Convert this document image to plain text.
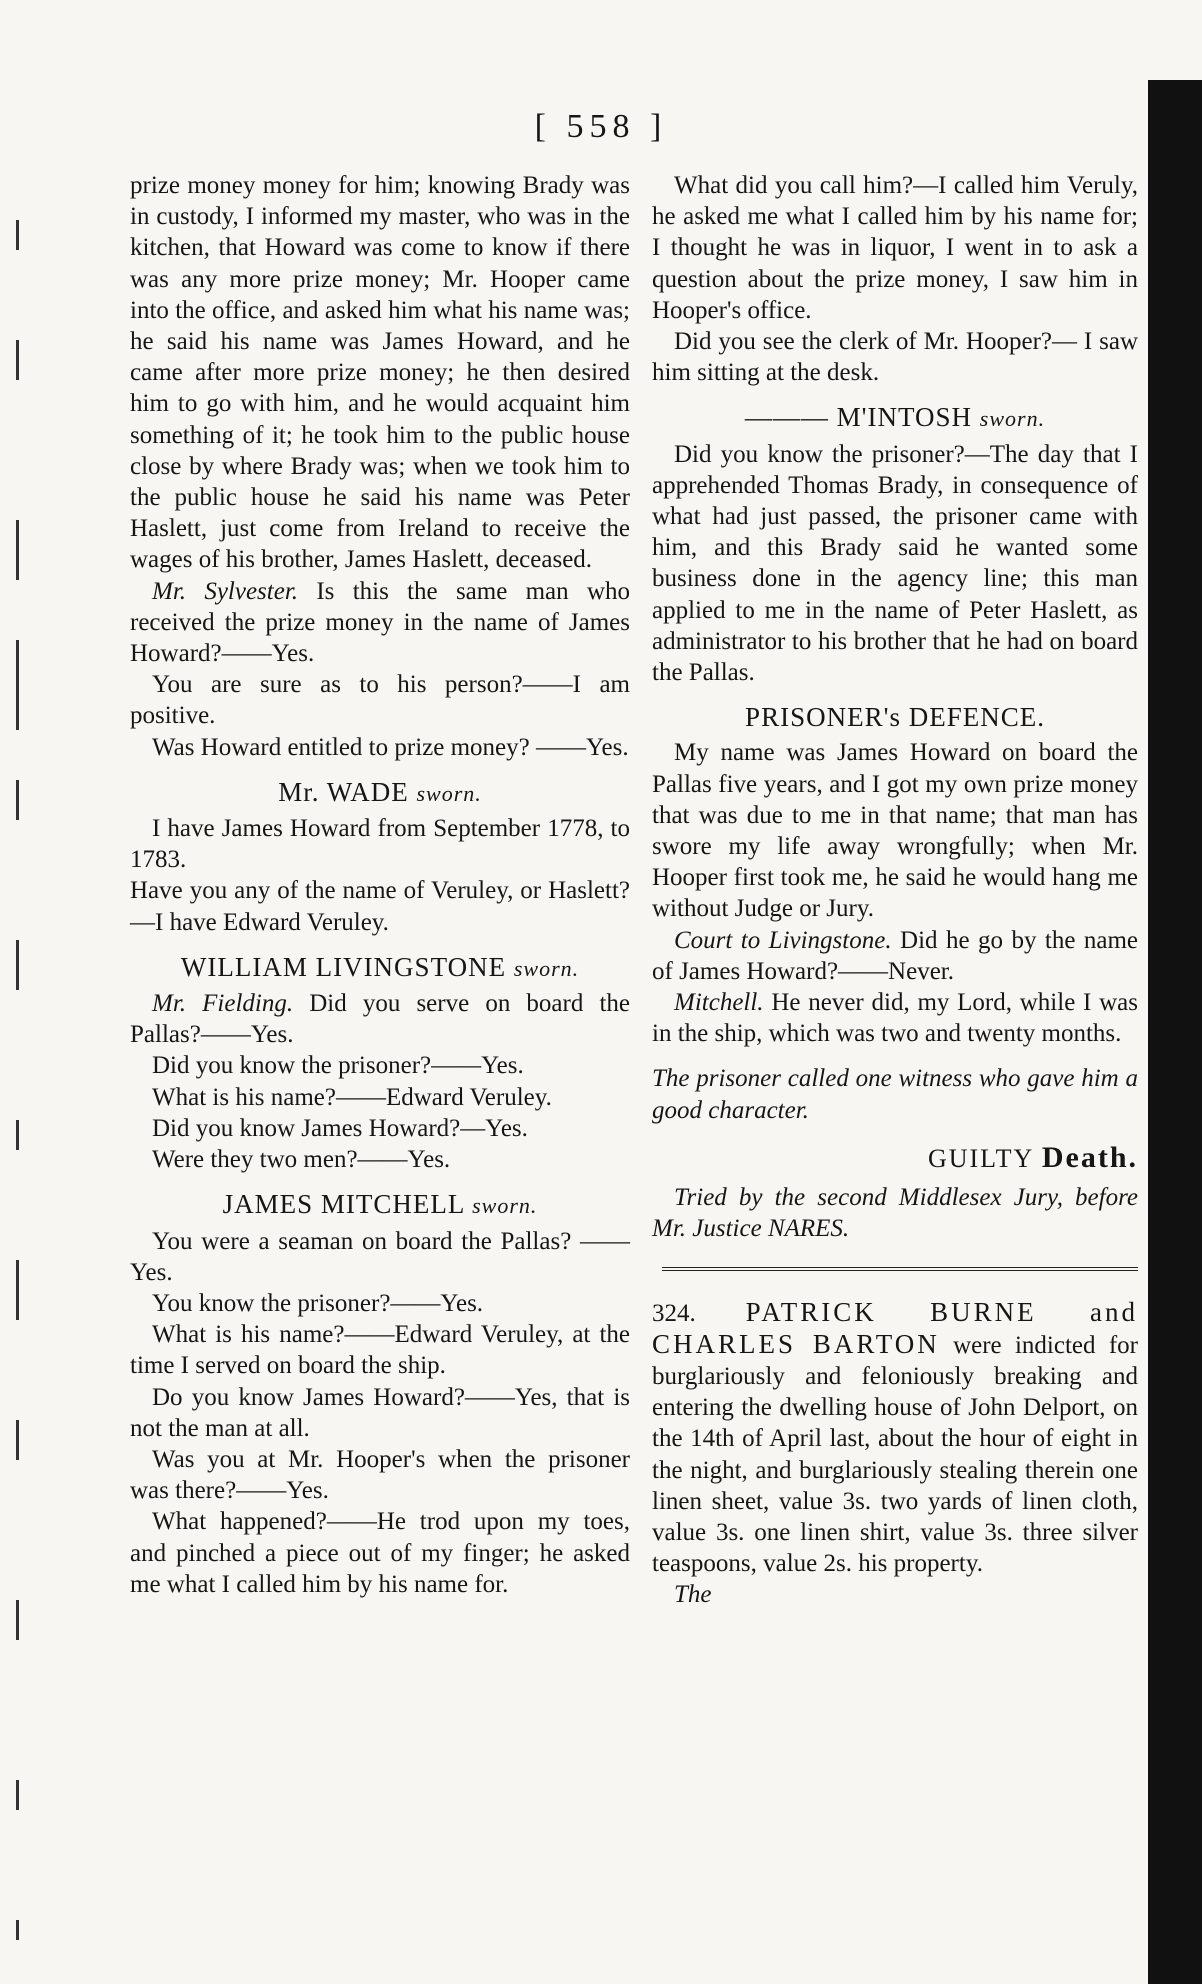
[ 558 ]

prize money money for him; knowing Brady was in custody, I informed my master, who was in the kitchen, that Howard was come to know if there was any more prize money; Mr. Hooper came into the office, and asked him what his name was; he said his name was James Howard, and he came after more prize money; he then desired him to go with him, and he would acquaint him something of it; he took him to the public house close by where Brady was; when we took him to the public house he said his name was Peter Haslett, just come from Ireland to receive the wages of his brother, James Haslett, deceased.

Mr. Sylvester. Is this the same man who received the prize money in the name of James Howard?——Yes.

You are sure as to his person?——I am positive.

Was Howard entitled to prize money? ——Yes.

Mr. WADE sworn.

I have James Howard from September 1778, to 1783.

Have you any of the name of Veruley, or Haslett?—I have Edward Veruley.

WILLIAM LIVINGSTONE sworn.

Mr. Fielding. Did you serve on board the Pallas?——Yes.

Did you know the prisoner?——Yes.

What is his name?——Edward Veruley.

Did you know James Howard?—Yes.

Were they two men?——Yes.

JAMES MITCHELL sworn.

You were a seaman on board the Pallas? ——Yes.

You know the prisoner?——Yes.

What is his name?——Edward Veruley, at the time I served on board the ship.

Do you know James Howard?——Yes, that is not the man at all.

Was you at Mr. Hooper's when the prisoner was there?——Yes.

What happened?——He trod upon my toes, and pinched a piece out of my finger; he asked me what I called him by his name for.

What did you call him?—I called him Veruly, he asked me what I called him by his name for; I thought he was in liquor, I went in to ask a question about the prize money, I saw him in Hooper's office.

Did you see the clerk of Mr. Hooper?— I saw him sitting at the desk.

——— M'INTOSH sworn.

Did you know the prisoner?—The day that I apprehended Thomas Brady, in consequence of what had just passed, the prisoner came with him, and this Brady said he wanted some business done in the agency line; this man applied to me in the name of Peter Haslett, as administrator to his brother that he had on board the Pallas.

PRISONER's DEFENCE.

My name was James Howard on board the Pallas five years, and I got my own prize money that was due to me in that name; that man has swore my life away wrongfully; when Mr. Hooper first took me, he said he would hang me without Judge or Jury.

Court to Livingstone. Did he go by the name of James Howard?——Never.

Mitchell. He never did, my Lord, while I was in the ship, which was two and twenty months.

The prisoner called one witness who gave him a good character.

GUILTY Death.

Tried by the second Middlesex Jury, before Mr. Justice NARES.

324. PATRICK BURNE and CHARLES BARTON were indicted for burglariously and feloniously breaking and entering the dwelling house of John Delport, on the 14th of April last, about the hour of eight in the night, and burglariously stealing therein one linen sheet, value 3s. two yards of linen cloth, value 3s. one linen shirt, value 3s. three silver teaspoons, value 2s. his property.

The
